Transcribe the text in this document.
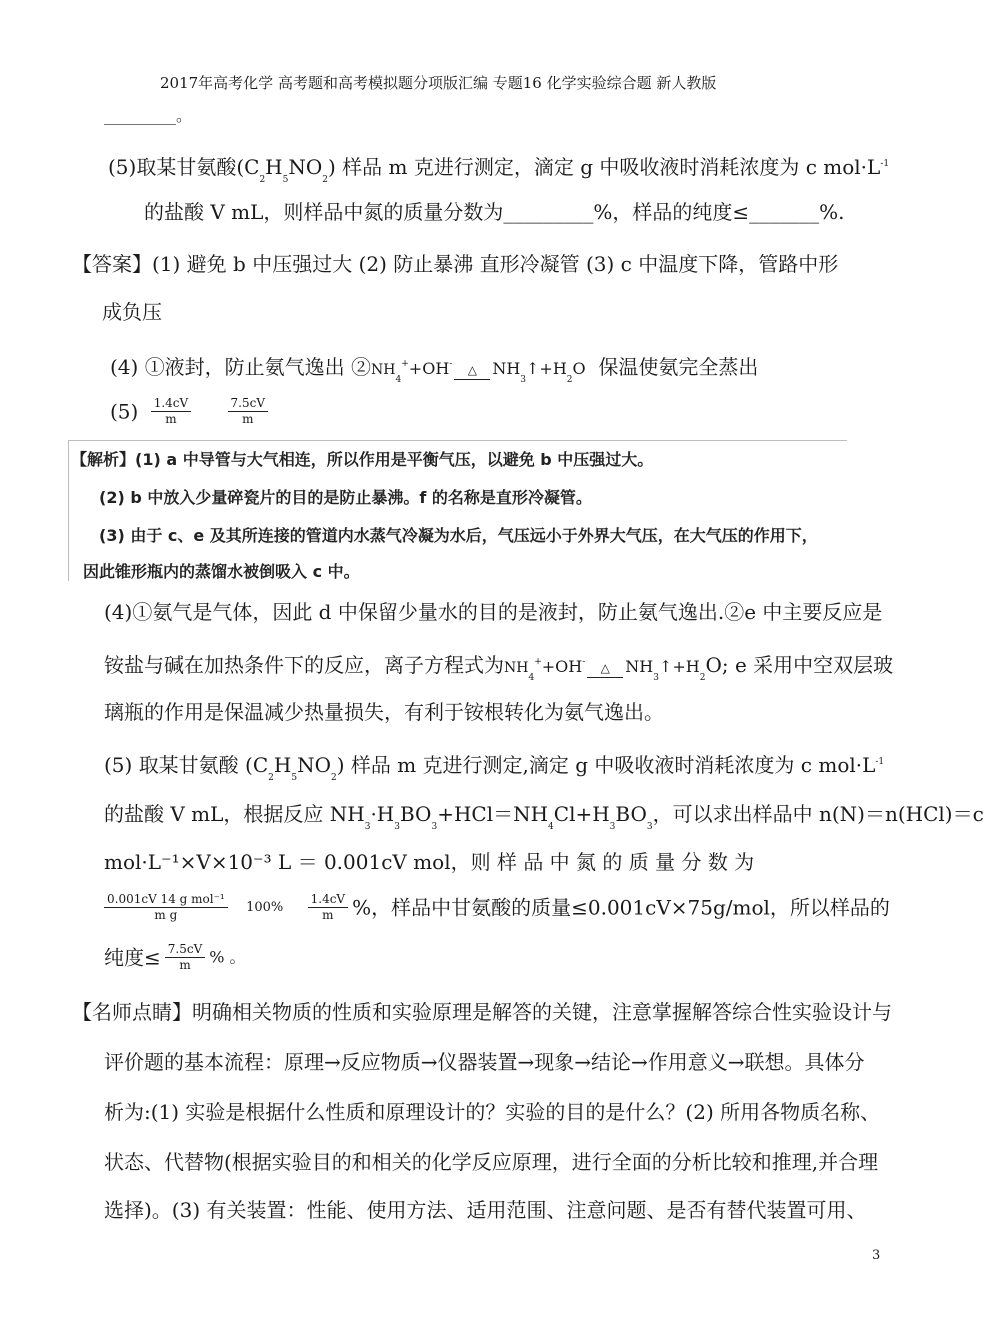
2017年高考化学 高考题和高考模拟题分项版汇编 专题16 化学实验综合题 新人教版
_________。
(5)取某甘氨酸$(C_2H_5NO_2)$ 样品 m 克进行测定，滴定 g 中吸收液时消耗浓度为 c $mol\cdot L^{-1}$
的盐酸 V mL，则样品中氮的质量分数为_________%，样品的纯度≤_______%.
【答案】(1) 避免 b 中压强过大 (2) 防止暴沸 直形冷凝管 (3) c 中温度下降，管路中形
成负压
(4) ①液封，防止氨气逸出 $②NH_4^++OH^-$ △ $NH_3↑+H_2O$ 保温使氨完全蒸出
$(5) \frac{1.4cV}{m}$
	$\frac{7.5cV}{m}$
【解析】(1) a 中导管与大气相连，所以作用是平衡气压，以避免 b 中压强过大。
(2) b 中放入少量碎瓷片的目的是防止暴沸。f 的名称是直形冷凝管。
(3) 由于 c、e 及其所连接的管道内水蒸气冷凝为水后，气压远小于外界大气压，在大气压的作用下，
因此锥形瓶内的蒸馏水被倒吸入 c 中。
(4)①氨气是气体，因此 d 中保留少量水的目的是液封，防止氨气逸出.②e 中主要反应是
铵盐与碱在加热条件下的反应，离子方程式为$NH_4^++OH^-$ △ $NH_3↑+H_2O$; e 采用中空双层玻
璃瓶的作用是保温减少热量损失，有利于铵根转化为氨气逸出。
(5) 取某甘氨酸 $(C_2H_5NO_2)$ 样品 m 克进行测定,滴定 g 中吸收液时消耗浓度为 c $mol\cdot L^{-1}$
的盐酸 V mL，根据反应 $NH_3\cdot H_3BO_3+HCl=NH_4Cl+H_3BO_3$，可以求出样品中 n(N)＝n(HCl)＝c
mol·L⁻¹×V×10⁻³ L ＝ 0.001cV mol，则 样 品 中 氮 的 质 量 分 数 为
$\frac{\text{0.001cV 14 g mol⁻¹}}{\text{m g}} 100\% \frac{1.4cV}{m}$ %，样品中甘氨酸的质量≤0.001cV×75g/mol，所以样品的
纯度≤ $\frac{7.5cV}{m}$ % 。
【名师点睛】明确相关物质的性质和实验原理是解答的关键，注意掌握解答综合性实验设计与
评价题的基本流程：原理→反应物质→仪器装置→现象→结论→作用意义→联想。具体分
析为:(1) 实验是根据什么性质和原理设计的？实验的目的是什么？(2) 所用各物质名称、
状态、代替物(根据实验目的和相关的化学反应原理，进行全面的分析比较和推理,并合理
选择)。(3) 有关装置：性能、使用方法、适用范围、注意问题、是否有替代装置可用、
3
